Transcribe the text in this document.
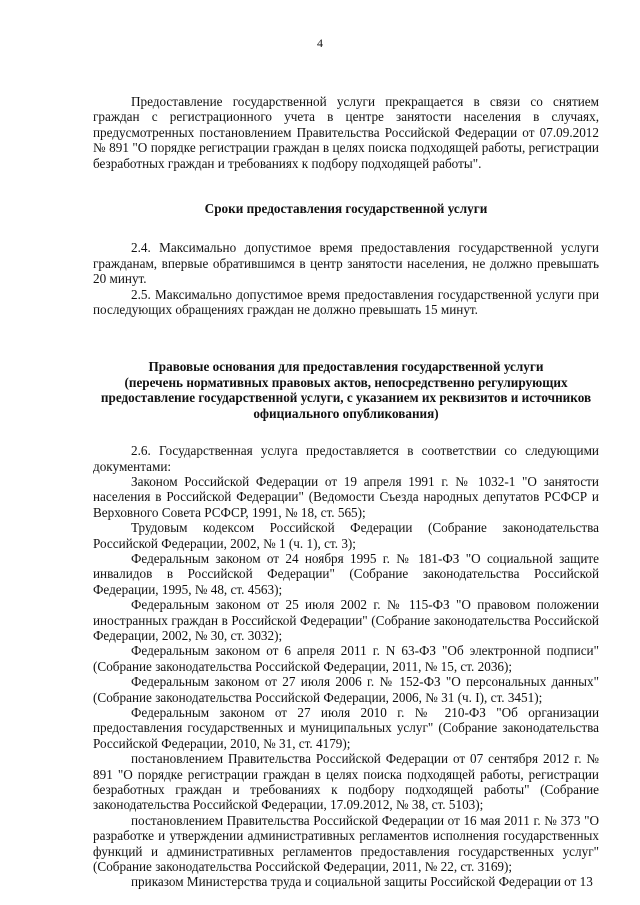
4

Предоставление государственной услуги прекращается в связи со снятием граждан с регистрационного учета в центре занятости населения в случаях, предусмотренных постановлением Правительства Российской Федерации от 07.09.2012 № 891 "О порядке регистрации граждан в целях поиска подходящей работы, регистрации безработных граждан и требованиях к подбору подходящей работы".

Сроки предоставления государственной услуги

2.4. Максимально допустимое время предоставления государственной услуги гражданам, впервые обратившимся в центр занятости населения, не должно превышать 20 минут.

2.5. Максимально допустимое время предоставления государственной услуги при последующих обращениях граждан не должно превышать 15 минут.

Правовые основания для предоставления государственной услуги
(перечень нормативных правовых актов, непосредственно регулирующих
предоставление государственной услуги, с указанием их реквизитов и источников
официального опубликования)

2.6. Государственная услуга предоставляется в соответствии со следующими документами:

Законом Российской Федерации от 19 апреля 1991 г. № 1032-1 "О занятости населения в Российской Федерации" (Ведомости Съезда народных депутатов РСФСР и Верховного Совета РСФСР, 1991, № 18, ст. 565);

Трудовым кодексом Российской Федерации (Собрание законодательства Российской Федерации, 2002, № 1 (ч. 1), ст. 3);

Федеральным законом от 24 ноября 1995 г. № 181-ФЗ "О социальной защите инвалидов в Российской Федерации" (Собрание законодательства Российской Федерации, 1995, № 48, ст. 4563);

Федеральным законом от 25 июля 2002 г. № 115-ФЗ "О правовом положении иностранных граждан в Российской Федерации" (Собрание законодательства Российской Федерации, 2002, № 30, ст. 3032);

Федеральным законом от 6 апреля 2011 г. N 63-ФЗ "Об электронной подписи" (Собрание законодательства Российской Федерации, 2011, № 15, ст. 2036);

Федеральным законом от 27 июля 2006 г. № 152-ФЗ "О персональных данных" (Собрание законодательства Российской Федерации, 2006, № 31 (ч. I), ст. 3451);

Федеральным законом от 27 июля 2010 г. № 210-ФЗ "Об организации предоставления государственных и муниципальных услуг" (Собрание законодательства Российской Федерации, 2010, № 31, ст. 4179);

постановлением Правительства Российской Федерации от 07 сентября 2012 г. № 891 "О порядке регистрации граждан в целях поиска подходящей работы, регистрации безработных граждан и требованиях к подбору подходящей работы" (Собрание законодательства Российской Федерации, 17.09.2012, № 38, ст. 5103);

постановлением Правительства Российской Федерации от 16 мая 2011 г. № 373 "О разработке и утверждении административных регламентов исполнения государственных функций и административных регламентов предоставления государственных услуг" (Собрание законодательства Российской Федерации, 2011, № 22, ст. 3169);

приказом Министерства труда и социальной защиты Российской Федерации от 13
